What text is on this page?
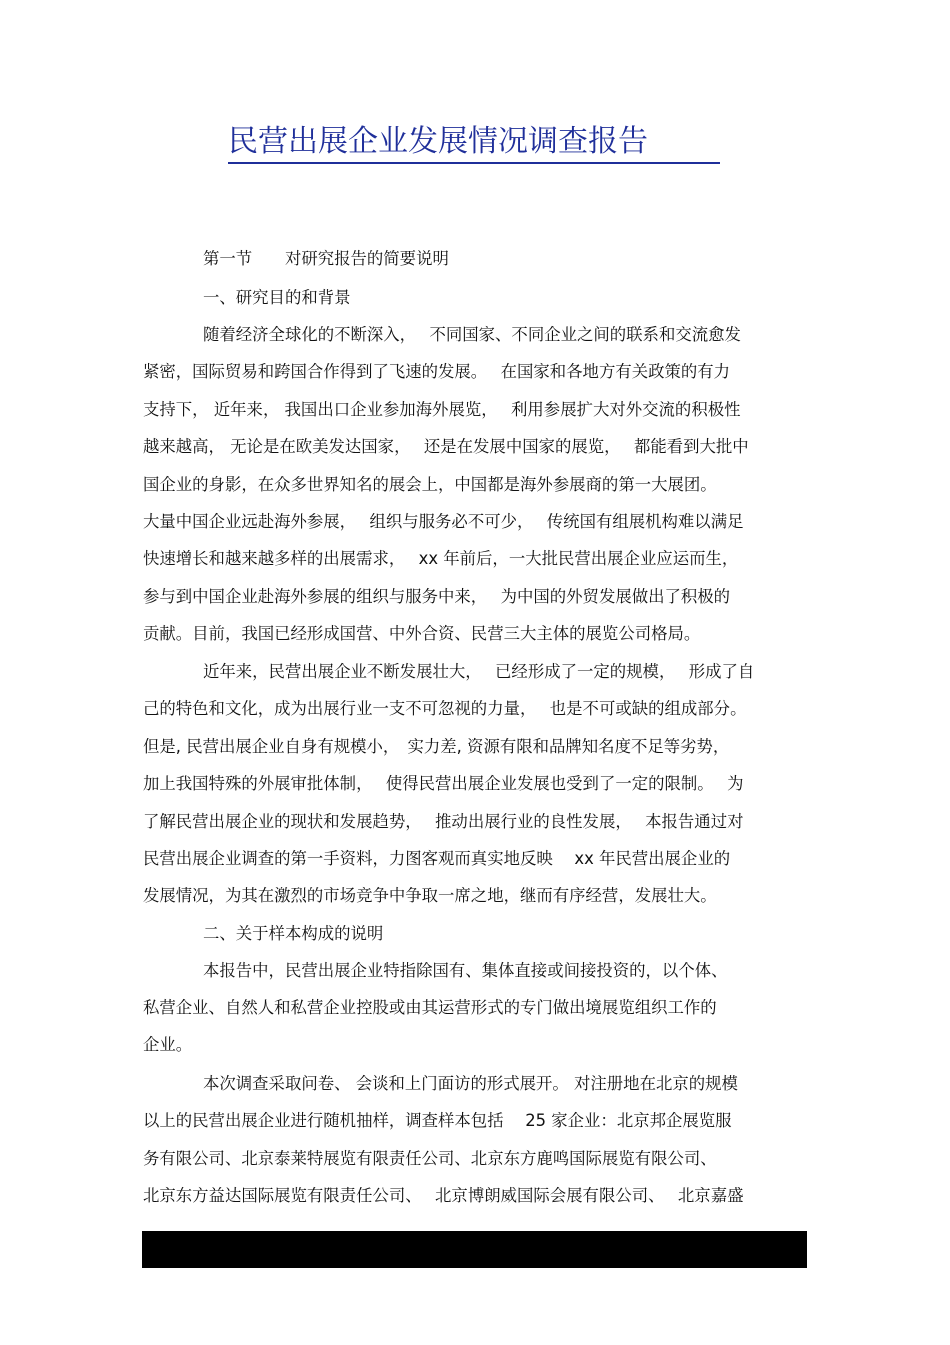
民营出展企业发展情况调查报告
第一节　　对研究报告的简要说明
一、研究目的和背景
随着经济全球化的不断深入，　 不同国家、不同企业之间的联系和交流愈发
紧密，国际贸易和跨国合作得到了飞速的发展。　 在国家和各地方有关政策的有力
支持下， 近年来， 我国出口企业参加海外展览，　 利用参展扩大对外交流的积极性
越来越高， 无论是在欧美发达国家，　 还是在发展中国家的展览，　 都能看到大批中
国企业的身影，在众多世界知名的展会上，中国都是海外参展商的第一大展团。
大量中国企业远赴海外参展，　 组织与服务必不可少，　 传统国有组展机构难以满足
快速增长和越来越多样的出展需求，　 xx 年前后，一大批民营出展企业应运而生，
参与到中国企业赴海外参展的组织与服务中来，　 为中国的外贸发展做出了积极的
贡献。目前，我国已经形成国营、中外合资、民营三大主体的展览公司格局。
近年来，民营出展企业不断发展壮大，　 已经形成了一定的规模，　 形成了自
己的特色和文化，成为出展行业一支不可忽视的力量，　 也是不可或缺的组成部分。
但是, 民营出展企业自身有规模小，　实力差, 资源有限和品牌知名度不足等劣势，
加上我国特殊的外展审批体制，　 使得民营出展企业发展也受到了一定的限制。　 为
了解民营出展企业的现状和发展趋势，　 推动出展行业的良性发展，　 本报告通过对
民营出展企业调查的第一手资料，力图客观而真实地反映　 xx 年民营出展企业的
发展情况，为其在激烈的市场竞争中争取一席之地，继而有序经营，发展壮大。
二、关于样本构成的说明
本报告中，民营出展企业特指除国有、集体直接或间接投资的，以个体、
私营企业、自然人和私营企业控股或由其运营形式的专门做出境展览组织工作的
企业。
本次调查采取问卷、 会谈和上门面访的形式展开。 对注册地在北京的规模
以上的民营出展企业进行随机抽样，调查样本包括　 25 家企业：北京邦企展览服
务有限公司、北京泰莱特展览有限责任公司、北京东方鹿鸣国际展览有限公司、
北京东方益达国际展览有限责任公司、　 北京博朗威国际会展有限公司、　 北京嘉盛
